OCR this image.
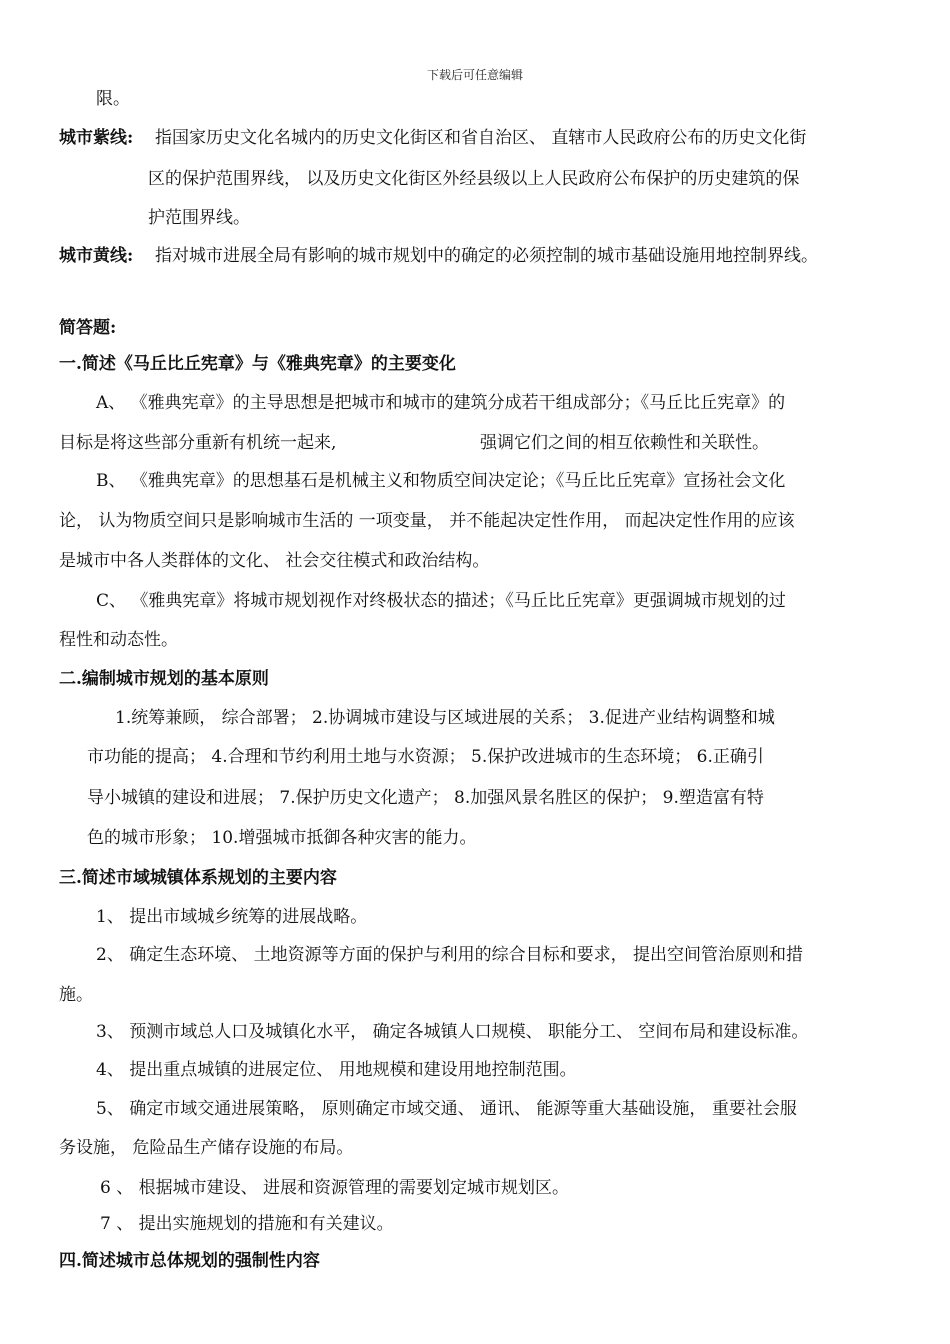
下载后可任意编辑
限。
城市紫线: 指国家历史文化名城内的历史文化街区和省自治区、 直辖市人民政府公布的历史文化街
区的保护范围界线， 以及历史文化街区外经县级以上人民政府公布保护的历史建筑的保
护范围界线。
城市黄线: 指对城市进展全局有影响的城市规划中的确定的必须控制的城市基础设施用地控制界线。
简答题:
一.简述《马丘比丘宪章》与《雅典宪章》的主要变化
A、 《雅典宪章》的主导思想是把城市和城市的建筑分成若干组成部分；《马丘比丘宪章》的
目标是将这些部分重新有机统一起来,	强调它们之间的相互依赖性和关联性。
B、 《雅典宪章》的思想基石是机械主义和物质空间决定论；《马丘比丘宪章》宣扬社会文化
论， 认为物质空间只是影响城市生活的 一项变量， 并不能起决定性作用， 而起决定性作用的应该
是城市中各人类群体的文化、 社会交往模式和政治结构。
C、 《雅典宪章》将城市规划视作对终极状态的描述；《马丘比丘宪章》更强调城市规划的过
程性和动态性。
二.编制城市规划的基本原则
1.统筹兼顾， 综合部署； 2.协调城市建设与区域进展的关系； 3.促进产业结构调整和城
市功能的提高； 4.合理和节约利用土地与水资源； 5.保护改进城市的生态环境； 6.正确引
导小城镇的建设和进展； 7.保护历史文化遗产； 8.加强风景名胜区的保护； 9.塑造富有特
色的城市形象； 10.增强城市抵御各种灾害的能力。
三.简述市域城镇体系规划的主要内容
1、 提出市域城乡统筹的进展战略。
2、 确定生态环境、 土地资源等方面的保护与利用的综合目标和要求， 提出空间管治原则和措
施。
3、 预测市域总人口及城镇化水平， 确定各城镇人口规模、 职能分工、 空间布局和建设标准。
4、 提出重点城镇的进展定位、 用地规模和建设用地控制范围。
5、 确定市域交通进展策略， 原则确定市域交通、 通讯、 能源等重大基础设施， 重要社会服
务设施， 危险品生产储存设施的布局。
6 、 根据城市建设、 进展和资源管理的需要划定城市规划区。
7 、 提出实施规划的措施和有关建议。
四.简述城市总体规划的强制性内容
